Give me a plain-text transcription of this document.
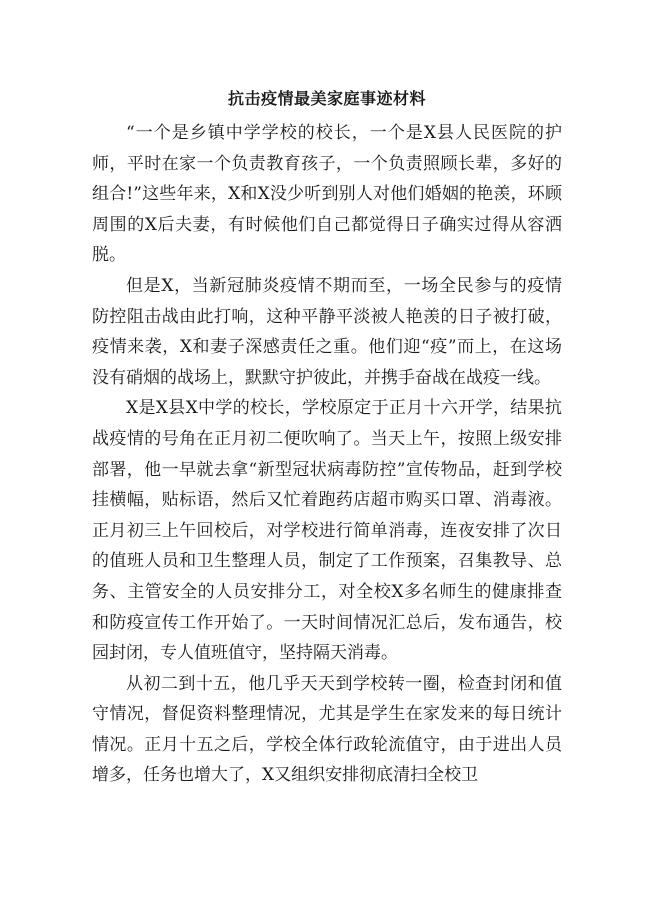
抗击疫情最美家庭事迹材料

“一个是乡镇中学学校的校长，一个是X县人民医院的护师，平时在家一个负责教育孩子，一个负责照顾长辈，多好的组合!”这些年来，X和X没少听到别人对他们婚姻的艳羡，环顾周围的X后夫妻，有时候他们自己都觉得日子确实过得从容洒脱。

但是X，当新冠肺炎疫情不期而至，一场全民参与的疫情防控阻击战由此打响，这种平静平淡被人艳羡的日子被打破，疫情来袭，X和妻子深感责任之重。他们迎“疫”而上，在这场没有硝烟的战场上，默默守护彼此，并携手奋战在战疫一线。

X是X县X中学的校长，学校原定于正月十六开学，结果抗战疫情的号角在正月初二便吹响了。当天上午，按照上级安排部署，他一早就去拿“新型冠状病毒防控”宣传物品，赶到学校挂横幅，贴标语，然后又忙着跑药店超市购买口罩、消毒液。正月初三上午回校后，对学校进行简单消毒，连夜安排了次日的值班人员和卫生整理人员，制定了工作预案，召集教导、总务、主管安全的人员安排分工，对全校X多名师生的健康排查和防疫宣传工作开始了。一天时间情况汇总后，发布通告，校园封闭，专人值班值守，坚持隔天消毒。

从初二到十五，他几乎天天到学校转一圈，检查封闭和值守情况，督促资料整理情况，尤其是学生在家发来的每日统计情况。正月十五之后，学校全体行政轮流值守，由于进出人员增多，任务也增大了，X又组织安排彻底清扫全校卫
